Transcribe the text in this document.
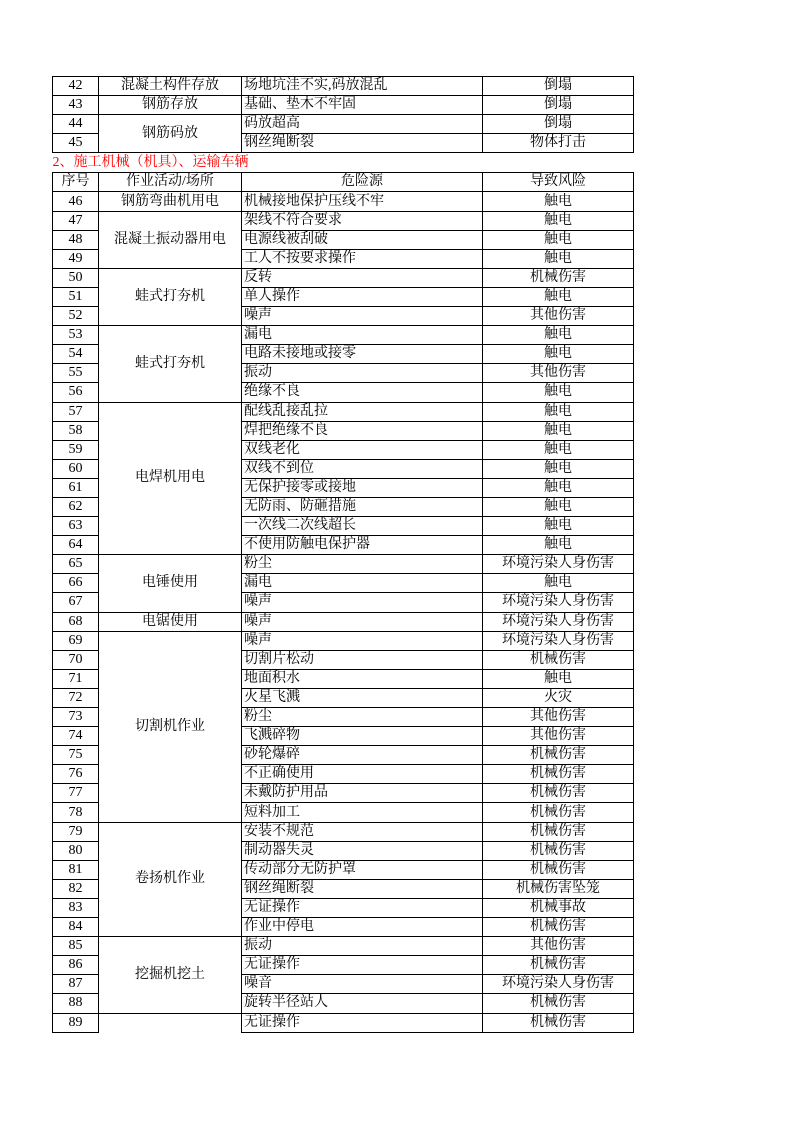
42	混凝土构件存放	场地坑洼不实,码放混乱	倒塌
43	钢筋存放	基础、垫木不牢固	倒塌
44	钢筋码放	码放超高	倒塌
45		钢丝绳断裂	物体打击
2、施工机械（机具）、运输车辆			
序号	作业活动/场所	危险源	导致风险
46	钢筋弯曲机用电	机械接地保护压线不牢	触电
47	混凝土振动器用电	架线不符合要求	触电
48		电源线被刮破	触电
49		工人不按要求操作	触电
50	蛙式打夯机	反转	机械伤害
51		单人操作	触电
52		噪声	其他伤害
53	蛙式打夯机	漏电	触电
54		电路未接地或接零	触电
55		振动	其他伤害
56		绝缘不良	触电
57	电焊机用电	配线乱接乱拉	触电
58		焊把绝缘不良	触电
59		双线老化	触电
60		双线不到位	触电
61		无保护接零或接地	触电
62		无防雨、防砸措施	触电
63		一次线二次线超长	触电
64		不使用防触电保护器	触电
65	电锤使用	粉尘	环境污染人身伤害
66		漏电	触电
67		噪声	环境污染人身伤害
68	电锯使用	噪声	环境污染人身伤害
69	切割机作业	噪声	环境污染人身伤害
70		切割片松动	机械伤害
71		地面积水	触电
72		火星飞溅	火灾
73		粉尘	其他伤害
74		飞溅碎物	其他伤害
75		砂轮爆碎	机械伤害
76		不正确使用	机械伤害
77		未戴防护用品	机械伤害
78		短料加工	机械伤害
79	卷扬机作业	安装不规范	机械伤害
80		制动器失灵	机械伤害
81		传动部分无防护罩	机械伤害
82		钢丝绳断裂	机械伤害坠笼
83		无证操作	机械事故
84		作业中停电	机械伤害
85	挖掘机挖土	振动	其他伤害
86		无证操作	机械伤害
87		噪音	环境污染人身伤害
88		旋转半径站人	机械伤害
89		无证操作	机械伤害
